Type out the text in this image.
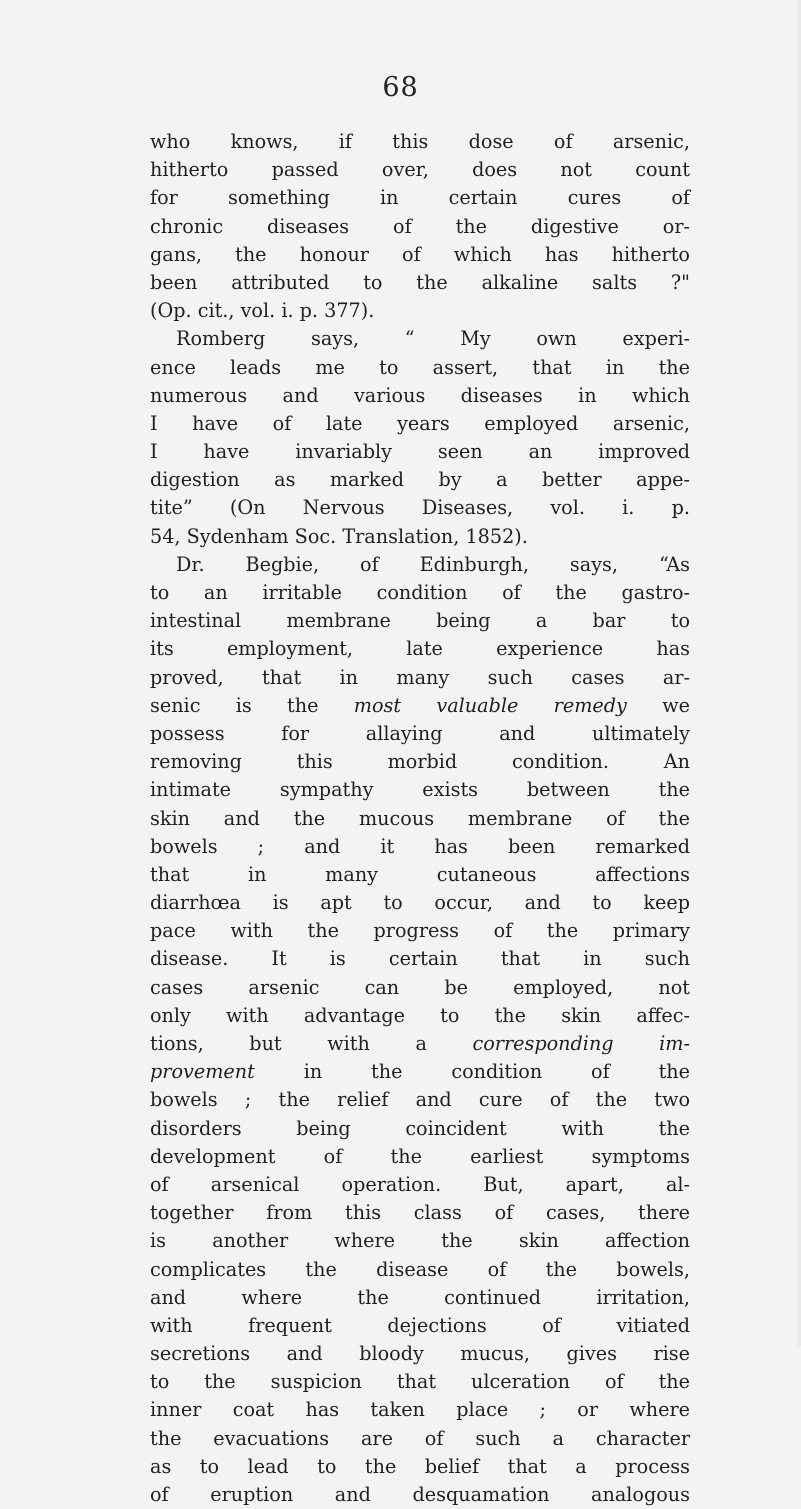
68
who knows, if this dose of arsenic,
hitherto passed over, does not count
for something in certain cures of
chronic diseases of the digestive or-
gans, the honour of which has hitherto
been attributed to the alkaline salts ?"
(Op. cit., vol. i. p. 377).
Romberg says, “ My own experi-
ence leads me to assert, that in the
numerous and various diseases in which
I have of late years employed arsenic,
I have invariably seen an improved
digestion as marked by a better appe-
tite” (On Nervous Diseases, vol. i. p.
54, Sydenham Soc. Translation, 1852).
Dr. Begbie, of Edinburgh, says, “As
to an irritable condition of the gastro-
intestinal membrane being a bar to
its employment, late experience has
proved, that in many such cases ar-
senic is the most valuable remedy we
possess for allaying and ultimately
removing this morbid condition. An
intimate sympathy exists between the
skin and the mucous membrane of the
bowels ; and it has been remarked
that in many cutaneous affections
diarrhœa is apt to occur, and to keep
pace with the progress of the primary
disease. It is certain that in such
cases arsenic can be employed, not
only with advantage to the skin affec-
tions, but with a corresponding im-
provement in the condition of the
bowels ; the relief and cure of the two
disorders being coincident with the
development of the earliest symptoms
of arsenical operation. But, apart, al-
together from this class of cases, there
is another where the skin affection
complicates the disease of the bowels,
and where the continued irritation,
with frequent dejections of vitiated
secretions and bloody mucus, gives rise
to the suspicion that ulceration of the
inner coat has taken place ; or where
the evacuations are of such a character
as to lead to the belief that a process
of eruption and desquamation analogous
